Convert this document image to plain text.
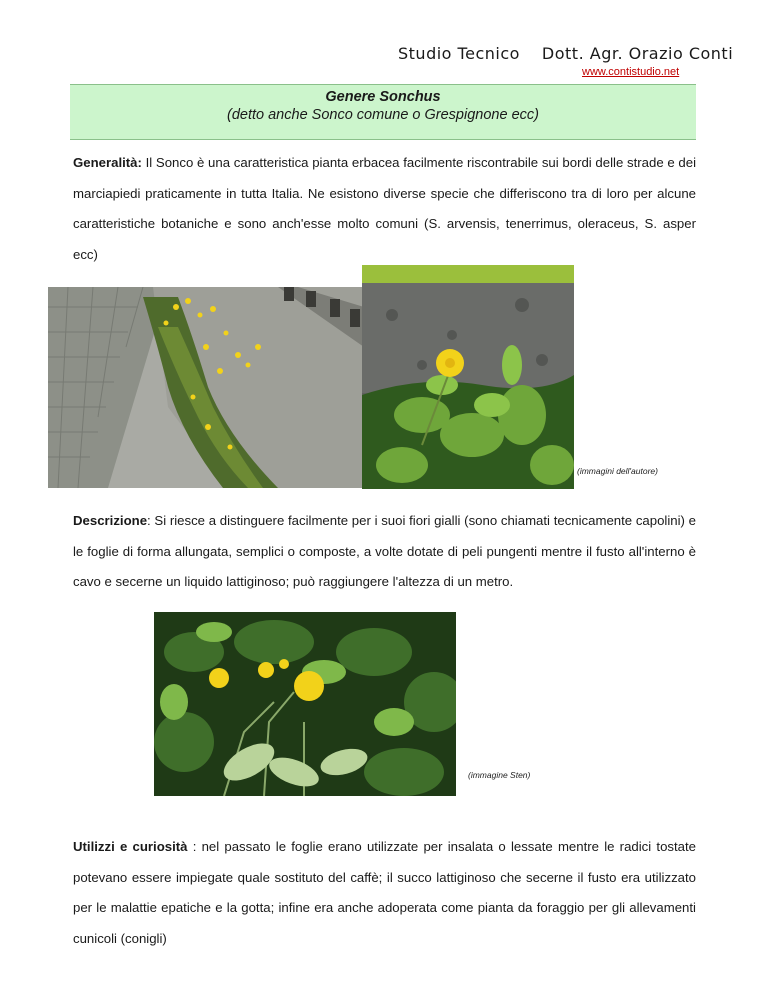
Studio Tecnico Dott. Agr. Orazio Conti
www.contistudio.net
Genere Sonchus
(detto anche Sonco comune o Grespignone ecc)
Generalità: Il Sonco è una caratteristica pianta erbacea facilmente riscontrabile sui bordi delle strade e dei marciapiedi praticamente in tutta Italia. Ne esistono diverse specie che differiscono tra di loro per alcune caratteristiche botaniche e sono anch'esse molto comuni (S. arvensis, tenerrimus, oleraceus, S. asper ecc)
(immagini dell'autore)
Descrizione: Si riesce a distinguere facilmente per i suoi fiori gialli (sono chiamati tecnicamente capolini) e le foglie di forma allungata, semplici o composte, a volte dotate di peli pungenti mentre il fusto all'interno è cavo e secerne un liquido lattiginoso; può raggiungere l'altezza di un metro.
(immagine Sten)
Utilizzi e curiosità : nel passato le foglie erano utilizzate per insalata o lessate mentre le radici tostate potevano essere impiegate quale sostituto del caffè; il succo lattiginoso che secerne il fusto era utilizzato per le malattie epatiche e la gotta; infine era anche adoperata come pianta da foraggio per gli allevamenti cunicoli (conigli)
